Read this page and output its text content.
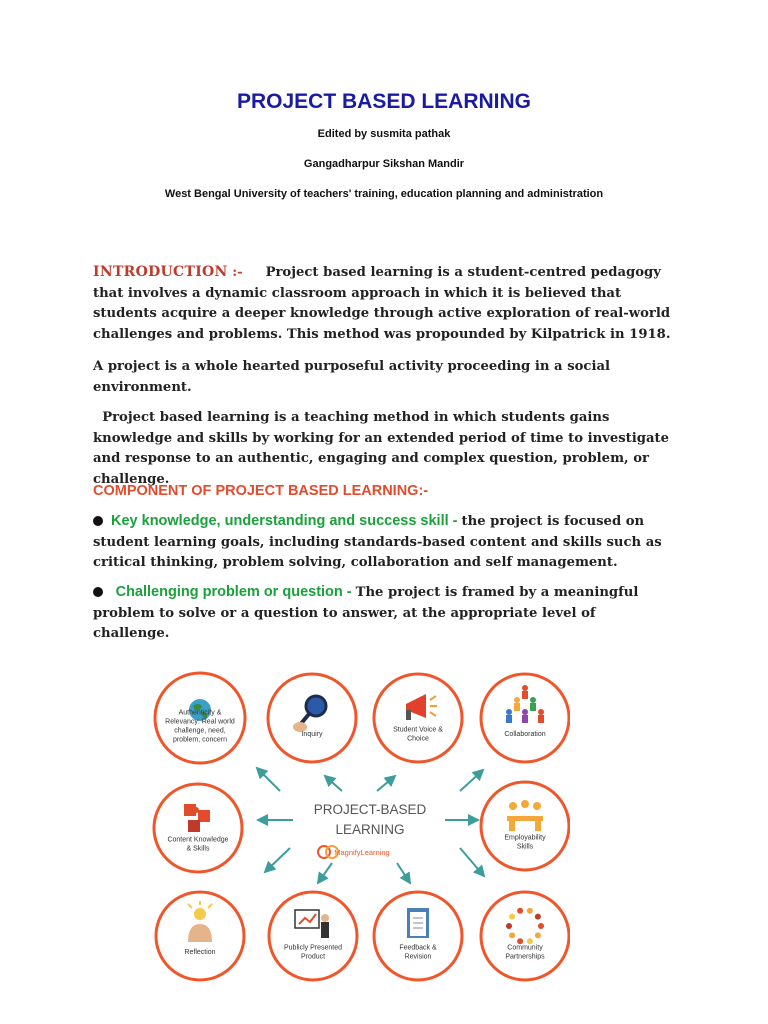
PROJECT BASED LEARNING
Edited by susmita pathak
Gangadharpur Sikshan Mandir
West Bengal University of teachers' training, education planning and administration
INTRODUCTION :- Project based learning is a student-centred pedagogy that involves a dynamic classroom approach in which it is believed that students acquire a deeper knowledge through active exploration of real-world challenges and problems. This method was propounded by Kilpatrick in 1918.
A project is a whole hearted purposeful activity proceeding in a social environment.
Project based learning is a teaching method in which students gains knowledge and skills by working for an extended period of time to investigate and response to an authentic, engaging and complex question, problem, or  challenge.
COMPONENT OF PROJECT BASED LEARNING:-
Key knowledge, understanding and success skill - the project is focused on student learning goals, including standards-based content and skills such as critical thinking, problem solving, collaboration and self management.
Challenging problem or question - The project is framed by a meaningful problem to solve or a question to answer, at the appropriate level of challenge.
PROJECT-BASED
LEARNING
MagnifyLearning
Authenticity &
Relevancy: Real world
challenge, need,
problem, concern
Inquiry
Student Voice &
Choice
Collaboration
Content Knowledge
& Skills
Employability
Skills
Reflection
Publicly Presented
Product
Feedback &
Revision
Community
Partnerships
